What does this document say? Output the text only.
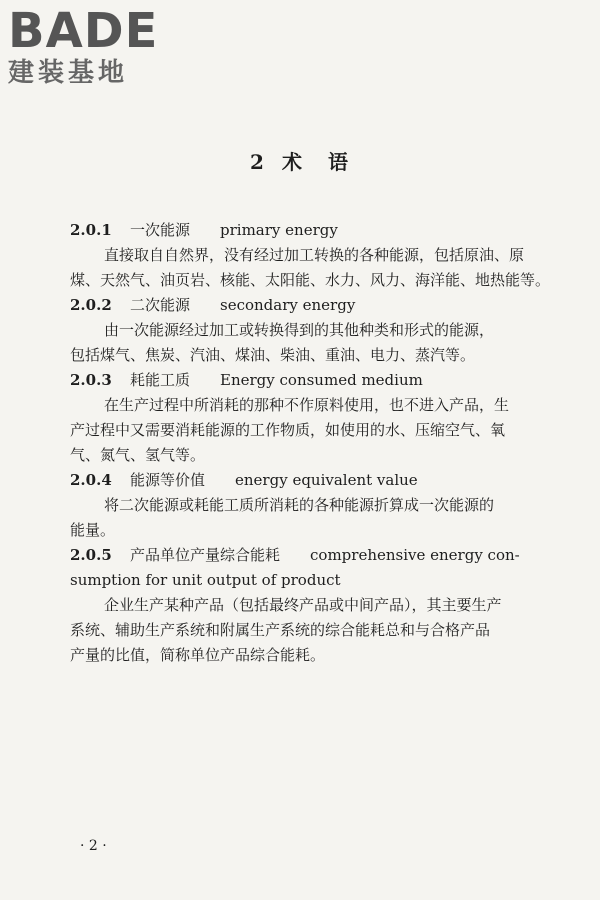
BADE
建装基地
2 术 语
2.0.1 一次能源 primary energy
直接取自自然界，没有经过加工转换的各种能源，包括原油、原
煤、天然气、油页岩、核能、太阳能、水力、风力、海洋能、地热能等。
2.0.2 二次能源 secondary energy
由一次能源经过加工或转换得到的其他种类和形式的能源，
包括煤气、焦炭、汽油、煤油、柴油、重油、电力、蒸汽等。
2.0.3 耗能工质 Energy consumed medium
在生产过程中所消耗的那种不作原料使用，也不进入产品，生
产过程中又需要消耗能源的工作物质，如使用的水、压缩空气、氧
气、氮气、氢气等。
2.0.4 能源等价值 energy equivalent value
将二次能源或耗能工质所消耗的各种能源折算成一次能源的
能量。
2.0.5 产品单位产量综合能耗 comprehensive energy con-
sumption for unit output of product
企业生产某种产品（包括最终产品或中间产品），其主要生产
系统、辅助生产系统和附属生产系统的综合能耗总和与合格产品
产量的比值，简称单位产品综合能耗。
· 2 ·
